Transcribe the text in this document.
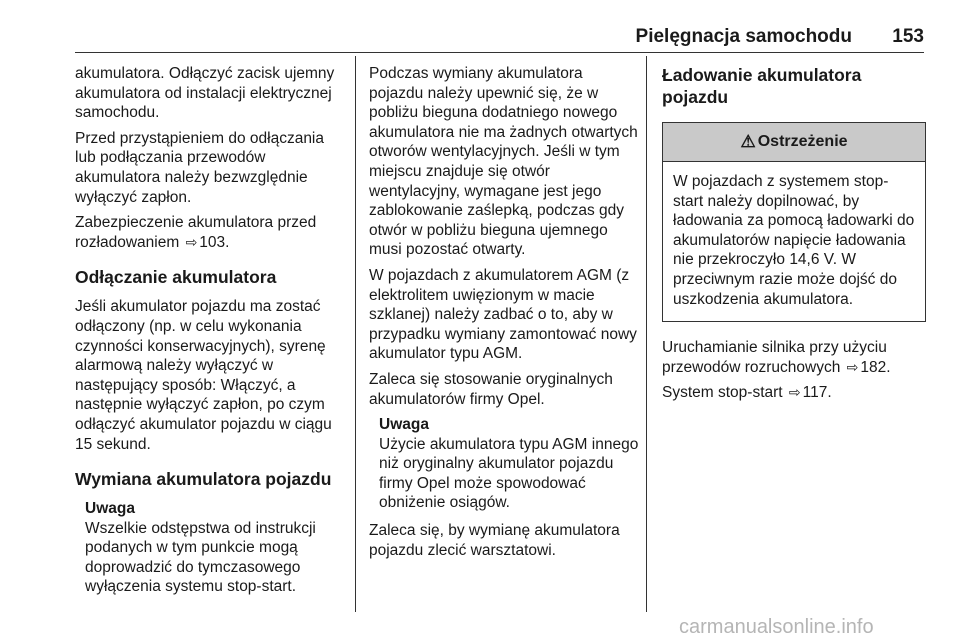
Pielęgnacja samochodu 153

akumulatora. Odłączyć zacisk ujemny akumulatora od instalacji elektrycznej samochodu.

Przed przystąpieniem do odłączania lub podłączania przewodów akumulatora należy bezwzględnie wyłączyć zapłon.

Zabezpieczenie akumulatora przed rozładowaniem ⇨ 103.

Odłączanie akumulatora

Jeśli akumulator pojazdu ma zostać odłączony (np. w celu wykonania czynności konserwacyjnych), syrenę alarmową należy wyłączyć w następujący sposób: Włączyć, a następnie wyłączyć zapłon, po czym odłączyć akumulator pojazdu w ciągu 15 sekund.

Wymiana akumulatora pojazdu
Uwaga
Wszelkie odstępstwa od instrukcji podanych w tym punkcie mogą doprowadzić do tymczasowego wyłączenia systemu stop-start.

Podczas wymiany akumulatora pojazdu należy upewnić się, że w pobliżu bieguna dodatniego nowego akumulatora nie ma żadnych otwartych otworów wentylacyjnych. Jeśli w tym miejscu znajduje się otwór wentylacyjny, wymagane jest jego zablokowanie zaślepką, podczas gdy otwór w pobliżu bieguna ujemnego musi pozostać otwarty.

W pojazdach z akumulatorem AGM (z elektrolitem uwięzionym w macie szklanej) należy zadbać o to, aby w przypadku wymiany zamontować nowy akumulator typu AGM.

Zaleca się stosowanie oryginalnych akumulatorów firmy Opel.

Uwaga
Użycie akumulatora typu AGM innego niż oryginalny akumulator pojazdu firmy Opel może spowodować obniżenie osiągów.

Zaleca się, by wymianę akumulatora pojazdu zlecić warsztatowi.

Ładowanie akumulatora pojazdu
⚠ Ostrzeżenie
W pojazdach z systemem stop-start należy dopilnować, by ładowania za pomocą ładowarki do akumulatorów napięcie ładowania nie przekroczyło 14,6 V. W przeciwnym razie może dojść do uszkodzenia akumulatora.

Uruchamianie silnika przy użyciu przewodów rozruchowych ⇨ 182.

System stop-start ⇨ 117.

carmanualsonline.info
